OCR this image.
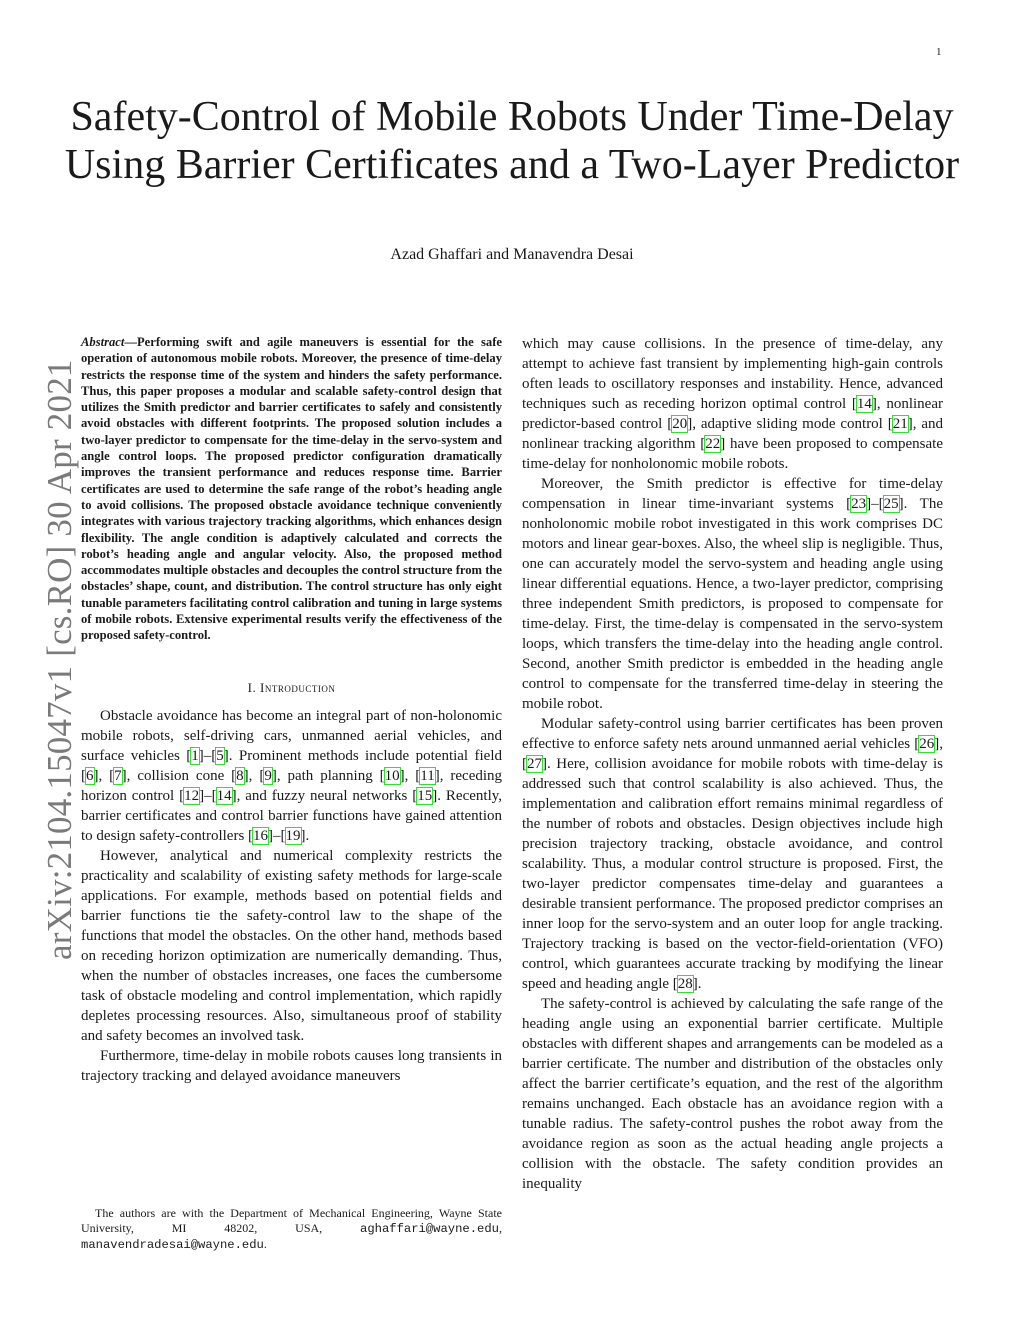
1
arXiv:2104.15047v1 [cs.RO] 30 Apr 2021
Safety-Control of Mobile Robots Under Time-Delay Using Barrier Certificates and a Two-Layer Predictor
Azad Ghaffari and Manavendra Desai
Abstract—Performing swift and agile maneuvers is essential for the safe operation of autonomous mobile robots. Moreover, the presence of time-delay restricts the response time of the system and hinders the safety performance. Thus, this paper proposes a modular and scalable safety-control design that utilizes the Smith predictor and barrier certificates to safely and consistently avoid obstacles with different footprints. The proposed solution includes a two-layer predictor to compensate for the time-delay in the servo-system and angle control loops. The proposed predictor configuration dramatically improves the transient performance and reduces response time. Barrier certificates are used to determine the safe range of the robot’s heading angle to avoid collisions. The proposed obstacle avoidance technique conveniently integrates with various trajectory tracking algorithms, which enhances design flexibility. The angle condition is adaptively calculated and corrects the robot’s heading angle and angular velocity. Also, the proposed method accommodates multiple obstacles and decouples the control structure from the obstacles’ shape, count, and distribution. The control structure has only eight tunable parameters facilitating control calibration and tuning in large systems of mobile robots. Extensive experimental results verify the effectiveness of the proposed safety-control.
I. Introduction

Obstacle avoidance has become an integral part of non-holonomic mobile robots, self-driving cars, unmanned aerial vehicles, and surface vehicles [1]–[5]. Prominent methods include potential field [6], [7], collision cone [8], [9], path planning [10], [11], receding horizon control [12]–[14], and fuzzy neural networks [15]. Recently, barrier certificates and control barrier functions have gained attention to design safety-controllers [16]–[19].

However, analytical and numerical complexity restricts the practicality and scalability of existing safety methods for large-scale applications. For example, methods based on potential fields and barrier functions tie the safety-control law to the shape of the functions that model the obstacles. On the other hand, methods based on receding horizon optimization are numerically demanding. Thus, when the number of obstacles increases, one faces the cumbersome task of obstacle modeling and control implementation, which rapidly depletes processing resources. Also, simultaneous proof of stability and safety becomes an involved task.

Furthermore, time-delay in mobile robots causes long transients in trajectory tracking and delayed avoidance maneuvers

The authors are with the Department of Mechanical Engineering, Wayne State University, MI 48202, USA, aghaffari@wayne.edu, manavendradesai@wayne.edu.

which may cause collisions. In the presence of time-delay, any attempt to achieve fast transient by implementing high-gain controls often leads to oscillatory responses and instability. Hence, advanced techniques such as receding horizon optimal control [14], nonlinear predictor-based control [20], adaptive sliding mode control [21], and nonlinear tracking algorithm [22] have been proposed to compensate time-delay for nonholonomic mobile robots.

Moreover, the Smith predictor is effective for time-delay compensation in linear time-invariant systems [23]–[25]. The nonholonomic mobile robot investigated in this work comprises DC motors and linear gear-boxes. Also, the wheel slip is negligible. Thus, one can accurately model the servo-system and heading angle using linear differential equations. Hence, a two-layer predictor, comprising three independent Smith predictors, is proposed to compensate for time-delay. First, the time-delay is compensated in the servo-system loops, which transfers the time-delay into the heading angle control. Second, another Smith predictor is embedded in the heading angle control to compensate for the transferred time-delay in steering the mobile robot.

Modular safety-control using barrier certificates has been proven effective to enforce safety nets around unmanned aerial vehicles [26], [27]. Here, collision avoidance for mobile robots with time-delay is addressed such that control scalability is also achieved. Thus, the implementation and calibration effort remains minimal regardless of the number of robots and obstacles. Design objectives include high precision trajectory tracking, obstacle avoidance, and control scalability. Thus, a modular control structure is proposed. First, the two-layer predictor compensates time-delay and guarantees a desirable transient performance. The proposed predictor comprises an inner loop for the servo-system and an outer loop for angle tracking. Trajectory tracking is based on the vector-field-orientation (VFO) control, which guarantees accurate tracking by modifying the linear speed and heading angle [28].

The safety-control is achieved by calculating the safe range of the heading angle using an exponential barrier certificate. Multiple obstacles with different shapes and arrangements can be modeled as a barrier certificate. The number and distribution of the obstacles only affect the barrier certificate’s equation, and the rest of the algorithm remains unchanged. Each obstacle has an avoidance region with a tunable radius. The safety-control pushes the robot away from the avoidance region as soon as the actual heading angle projects a collision with the obstacle. The safety condition provides an inequality
